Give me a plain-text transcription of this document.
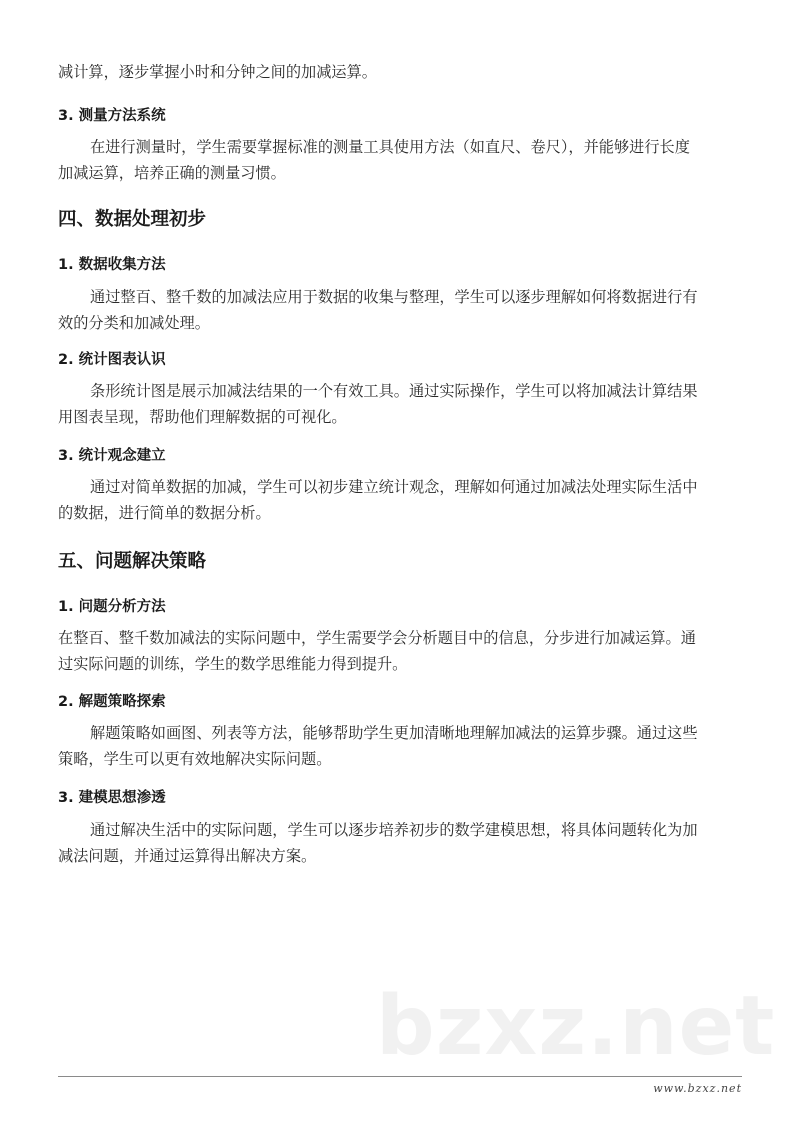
减计算，逐步掌握小时和分钟之间的加减运算。
3. 测量方法系统
在进行测量时，学生需要掌握标准的测量工具使用方法（如直尺、卷尺），并能够进行长度
加减运算，培养正确的测量习惯。
四、数据处理初步
1. 数据收集方法
通过整百、整千数的加减法应用于数据的收集与整理，学生可以逐步理解如何将数据进行有
效的分类和加减处理。
2. 统计图表认识
条形统计图是展示加减法结果的一个有效工具。通过实际操作，学生可以将加减法计算结果
用图表呈现，帮助他们理解数据的可视化。
3. 统计观念建立
通过对简单数据的加减，学生可以初步建立统计观念，理解如何通过加减法处理实际生活中
的数据，进行简单的数据分析。
五、问题解决策略
1. 问题分析方法
在整百、整千数加减法的实际问题中，学生需要学会分析题目中的信息，分步进行加减运算。通
过实际问题的训练，学生的数学思维能力得到提升。
2. 解题策略探索
解题策略如画图、列表等方法，能够帮助学生更加清晰地理解加减法的运算步骤。通过这些
策略，学生可以更有效地解决实际问题。
3. 建模思想渗透
通过解决生活中的实际问题，学生可以逐步培养初步的数学建模思想，将具体问题转化为加
减法问题，并通过运算得出解决方案。
bzxz.net
www.bzxz.net
